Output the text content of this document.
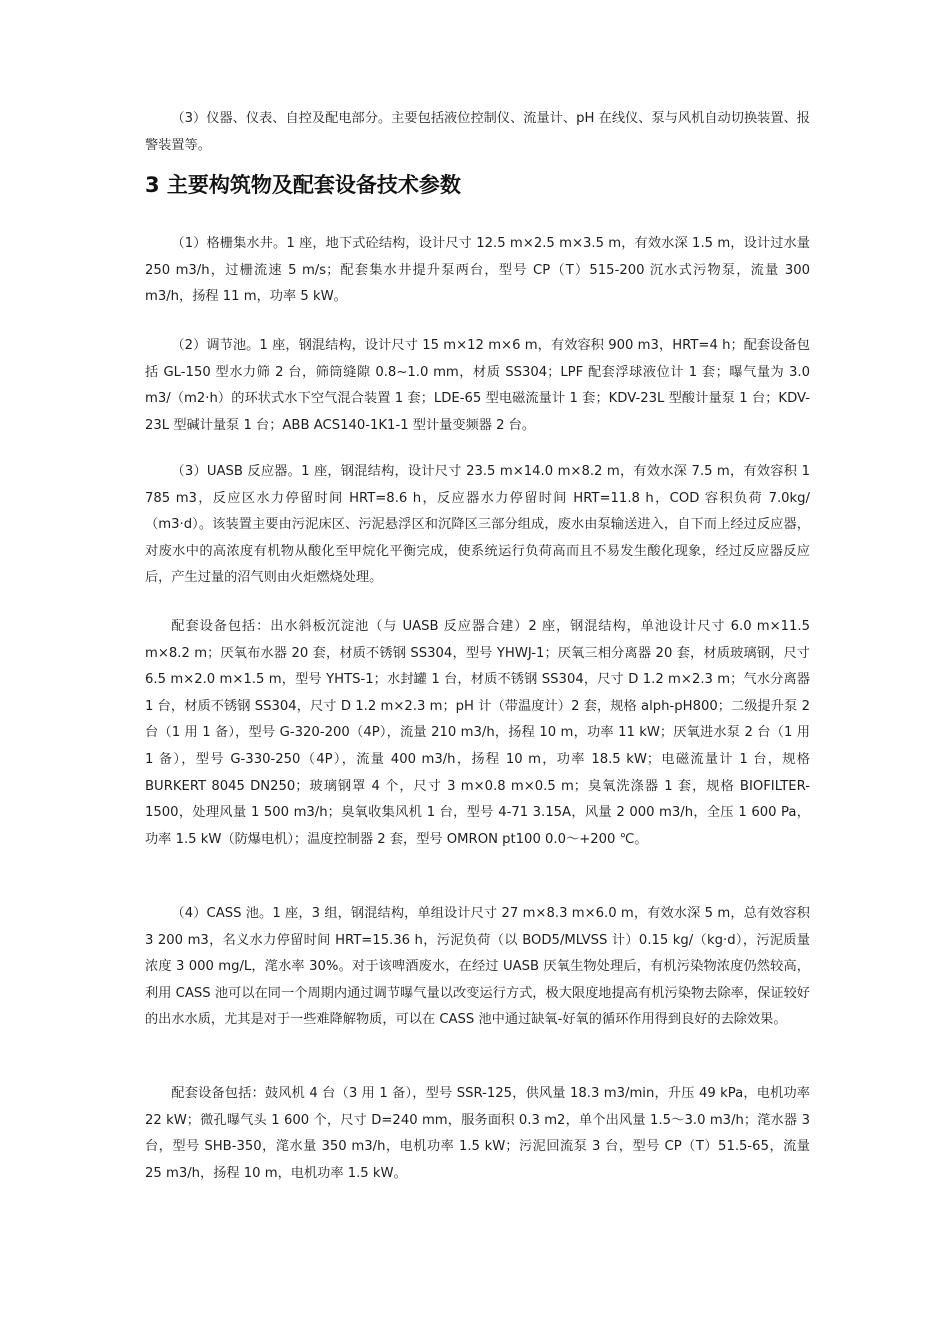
（3）仪器、仪表、自控及配电部分。主要包括液位控制仪、流量计、pH 在线仪、泵与风机自动切换装置、报警装置等。

3 主要构筑物及配套设备技术参数

（1）格栅集水井。1 座，地下式砼结构，设计尺寸 12.5 m×2.5 m×3.5 m，有效水深 1.5 m，设计过水量 250 m3/h，过栅流速 5 m/s；配套集水井提升泵两台，型号 CP（T）515-200 沉水式污物泵，流量 300 m3/h，扬程 11 m，功率 5 kW。

（2）调节池。1 座，钢混结构，设计尺寸 15 m×12 m×6 m，有效容积 900 m3，HRT=4 h；配套设备包括 GL-150 型水力筛 2 台，筛筒缝隙 0.8~1.0 mm，材质 SS304；LPF 配套浮球液位计 1 套；曝气量为 3.0 m3/（m2·h）的环状式水下空气混合装置 1 套；LDE-65 型电磁流量计 1 套；KDV-23L 型酸计量泵 1 台；KDV-23L 型碱计量泵 1 台；ABB ACS140-1K1-1 型计量变频器 2 台。

（3）UASB 反应器。1 座，钢混结构，设计尺寸 23.5 m×14.0 m×8.2 m，有效水深 7.5 m，有效容积 1 785 m3，反应区水力停留时间 HRT=8.6 h，反应器水力停留时间 HRT=11.8 h，COD 容积负荷 7.0kg/（m3·d）。该装置主要由污泥床区、污泥悬浮区和沉降区三部分组成，废水由泵输送进入，自下而上经过反应器，对废水中的高浓度有机物从酸化至甲烷化平衡完成，使系统运行负荷高而且不易发生酸化现象，经过反应器反应后，产生过量的沼气则由火炬燃烧处理。

配套设备包括：出水斜板沉淀池（与 UASB 反应器合建）2 座，钢混结构，单池设计尺寸 6.0 m×11.5 m×8.2 m；厌氧布水器 20 套，材质不锈钢 SS304，型号 YHWJ-1；厌氧三相分离器 20 套，材质玻璃钢，尺寸 6.5 m×2.0 m×1.5 m，型号 YHTS-1；水封罐 1 台，材质不锈钢 SS304，尺寸 D 1.2 m×2.3 m；气水分离器 1 台，材质不锈钢 SS304，尺寸 D 1.2 m×2.3 m；pH 计（带温度计）2 套，规格 alph-pH800；二级提升泵 2 台（1 用 1 备），型号 G-320-200（4P），流量 210 m3/h，扬程 10 m，功率 11 kW；厌氧进水泵 2 台（1 用 1 备），型号 G-330-250（4P），流量 400 m3/h，扬程 10 m，功率 18.5 kW；电磁流量计 1 台，规格 BURKERT 8045 DN250；玻璃钢罩 4 个，尺寸 3 m×0.8 m×0.5 m；臭氧洗涤器 1 套，规格 BIOFILTER-1500，处理风量 1 500 m3/h；臭氧收集风机 1 台，型号 4-71 3.15A，风量 2 000 m3/h，全压 1 600 Pa，功率 1.5 kW（防爆电机）；温度控制器 2 套，型号 OMRON pt100 0.0～+200 ℃。

（4）CASS 池。1 座，3 组，钢混结构，单组设计尺寸 27 m×8.3 m×6.0 m，有效水深 5 m，总有效容积 3 200 m3，名义水力停留时间 HRT=15.36 h，污泥负荷（以 BOD5/MLVSS 计）0.15 kg/（kg·d），污泥质量浓度 3 000 mg/L，滗水率 30%。对于该啤酒废水，在经过 UASB 厌氧生物处理后，有机污染物浓度仍然较高，利用 CASS 池可以在同一个周期内通过调节曝气量以改变运行方式，极大限度地提高有机污染物去除率，保证较好的出水水质，尤其是对于一些难降解物质，可以在 CASS 池中通过缺氧-好氧的循环作用得到良好的去除效果。

配套设备包括：鼓风机 4 台（3 用 1 备），型号 SSR-125，供风量 18.3 m3/min，升压 49 kPa，电机功率 22 kW；微孔曝气头 1 600 个，尺寸 D=240 mm，服务面积 0.3 m2，单个出风量 1.5～3.0 m3/h；滗水器 3 台，型号 SHB-350，滗水量 350 m3/h，电机功率 1.5 kW；污泥回流泵 3 台，型号 CP（T）51.5-65，流量 25 m3/h，扬程 10 m，电机功率 1.5 kW。
